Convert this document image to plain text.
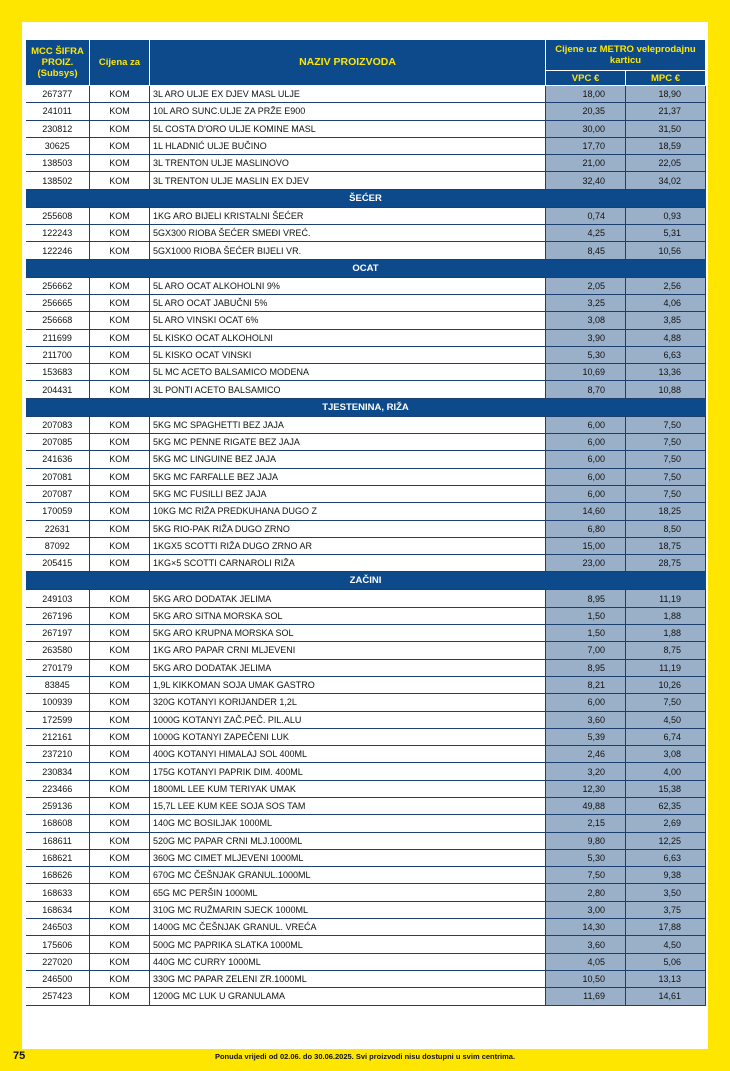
MCC ŠIFRA PROIZ. (Subsys)	Cijena za	NAZIV PROIZVODA	Cijene uz METRO veleprodajnu karticu	
			VPC €	MPC €
267377	KOM	3L ARO ULJE EX DJEV MASL ULJE	18,00	18,90
241011	KOM	10L ARO SUNC.ULJE ZA PRŽE E900	20,35	21,37
230812	KOM	5L COSTA D'ORO ULJE KOMINE MASL	30,00	31,50
30625	KOM	1L HLADNIĆ ULJE BUČINO	17,70	18,59
138503	KOM	3L TRENTON ULJE MASLINOVO	21,00	22,05
138502	KOM	3L TRENTON ULJE MASLIN EX DJEV	32,40	34,02
ŠEĆER				
255608	KOM	1KG ARO BIJELI KRISTALNI ŠEĆER	0,74	0,93
122243	KOM	5GX300 RIOBA ŠEĆER SMEĐI VREĆ.	4,25	5,31
122246	KOM	5GX1000 RIOBA ŠEĆER BIJELI VR.	8,45	10,56
OCAT				
256662	KOM	5L ARO OCAT ALKOHOLNI 9%	2,05	2,56
256665	KOM	5L ARO OCAT JABUČNI 5%	3,25	4,06
256668	KOM	5L ARO VINSKI OCAT 6%	3,08	3,85
211699	KOM	5L KISKO OCAT ALKOHOLNI	3,90	4,88
211700	KOM	5L KISKO OCAT VINSKI	5,30	6,63
153683	KOM	5L MC ACETO BALSAMICO MODENA	10,69	13,36
204431	KOM	3L PONTI ACETO BALSAMICO	8,70	10,88
TJESTENINA, RIŽA				
207083	KOM	5KG MC SPAGHETTI BEZ JAJA	6,00	7,50
207085	KOM	5KG MC PENNE RIGATE BEZ JAJA	6,00	7,50
241636	KOM	5KG MC LINGUINE BEZ JAJA	6,00	7,50
207081	KOM	5KG MC FARFALLE BEZ JAJA	6,00	7,50
207087	KOM	5KG MC FUSILLI BEZ JAJA	6,00	7,50
170059	KOM	10KG MC RIŽA PREDKUHANA DUGO Z	14,60	18,25
22631	KOM	5KG RIO-PAK RIŽA DUGO ZRNO	6,80	8,50
87092	KOM	1KGX5 SCOTTI RIŽA DUGO ZRNO AR	15,00	18,75
205415	KOM	1KG×5 SCOTTI CARNAROLI RIŽA	23,00	28,75
ZAČINI				
249103	KOM	5KG ARO DODATAK JELIMA	8,95	11,19
267196	KOM	5KG ARO SITNA MORSKA SOL	1,50	1,88
267197	KOM	5KG ARO KRUPNA MORSKA SOL	1,50	1,88
263580	KOM	1KG ARO PAPAR CRNI MLJEVENI	7,00	8,75
270179	KOM	5KG ARO DODATAK JELIMA	8,95	11,19
83845	KOM	1,9L KIKKOMAN SOJA UMAK GASTRO	8,21	10,26
100939	KOM	320G KOTANYI KORIJANDER 1,2L	6,00	7,50
172599	KOM	1000G KOTANYI ZAČ.PEČ. PIL.ALU	3,60	4,50
212161	KOM	1000G KOTANYI ZAPEČENI LUK	5,39	6,74
237210	KOM	400G KOTANYI HIMALAJ SOL 400ML	2,46	3,08
230834	KOM	175G KOTANYI PAPRIK DIM. 400ML	3,20	4,00
223466	KOM	1800ML LEE KUM TERIYAK UMAK	12,30	15,38
259136	KOM	15,7L LEE KUM KEE SOJA SOS TAM	49,88	62,35
168608	KOM	140G MC BOSILJAK 1000ML	2,15	2,69
168611	KOM	520G MC PAPAR CRNI MLJ.1000ML	9,80	12,25
168621	KOM	360G MC CIMET MLJEVENI 1000ML	5,30	6,63
168626	KOM	670G MC ČEŠNJAK GRANUL.1000ML	7,50	9,38
168633	KOM	65G MC PERŠIN 1000ML	2,80	3,50
168634	KOM	310G MC RUŽMARIN SJECK 1000ML	3,00	3,75
246503	KOM	1400G MC ČEŠNJAK GRANUL. VREĆA	14,30	17,88
175606	KOM	500G MC PAPRIKA SLATKA 1000ML	3,60	4,50
227020	KOM	440G MC CURRY 1000ML	4,05	5,06
246500	KOM	330G MC PAPAR ZELENI ZR.1000ML	10,50	13,13
257423	KOM	1200G MC LUK U GRANULAMA	11,69	14,61
75	Ponuda vrijedi od 02.06. do 30.06.2025. Svi proizvodi nisu dostupni u svim centrima.
